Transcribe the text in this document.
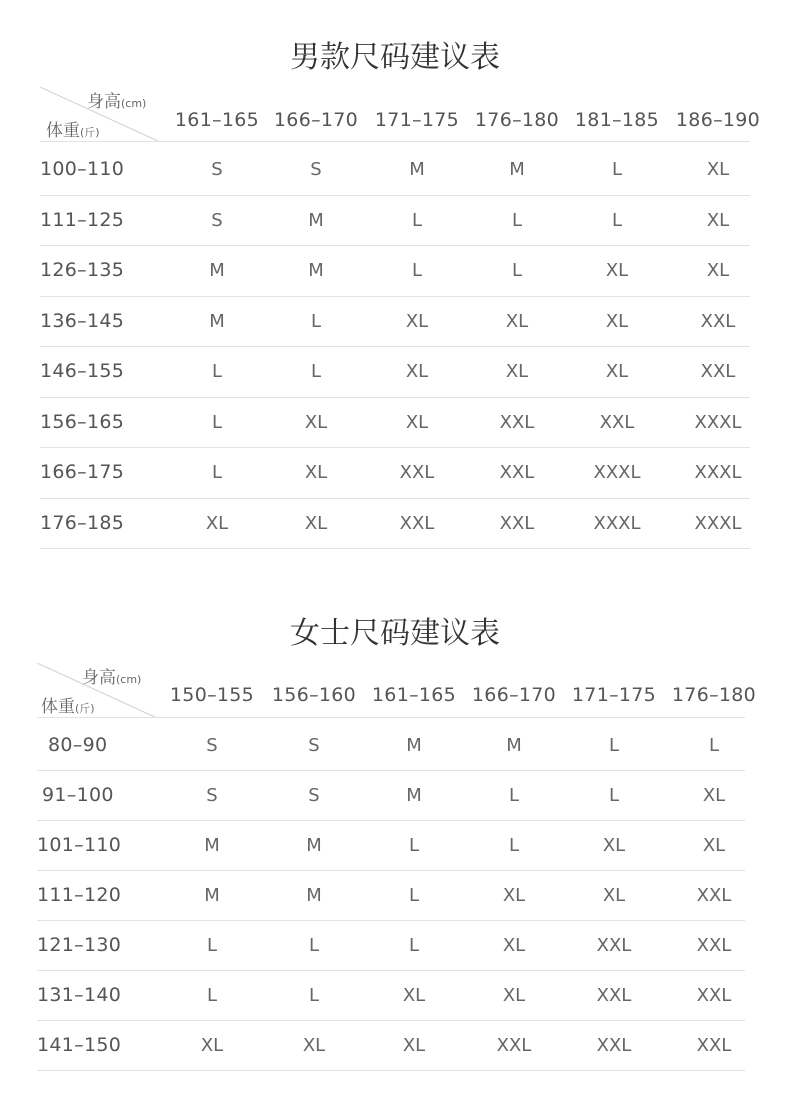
男款尺码建议表
身高(cm)
体重(斤)
161–165 166–170 171–175 176–180 181–185 186–190
100–110	S	S	M	M	L	XL
111–125	S	M	L	L	L	XL
126–135	M	M	L	L	XL	XL
136–145	M	L	XL	XL	XL	XXL
146–155	L	L	XL	XL	XL	XXL
156–165	L	XL	XL	XXL	XXL	XXXL
166–175	L	XL	XXL	XXL	XXXL	XXXL
176–185	XL	XL	XXL	XXL	XXXL	XXXL
女士尺码建议表
身高(cm)
体重(斤)
150–155 156–160 161–165 166–170 171–175 176–180
80–90	S	S	M	M	L	L
91–100	S	S	M	L	L	XL
101–110	M	M	L	L	XL	XL
111–120	M	M	L	XL	XL	XXL
121–130	L	L	L	XL	XXL	XXL
131–140	L	L	XL	XL	XXL	XXL
141–150	XL	XL	XL	XXL	XXL	XXL
